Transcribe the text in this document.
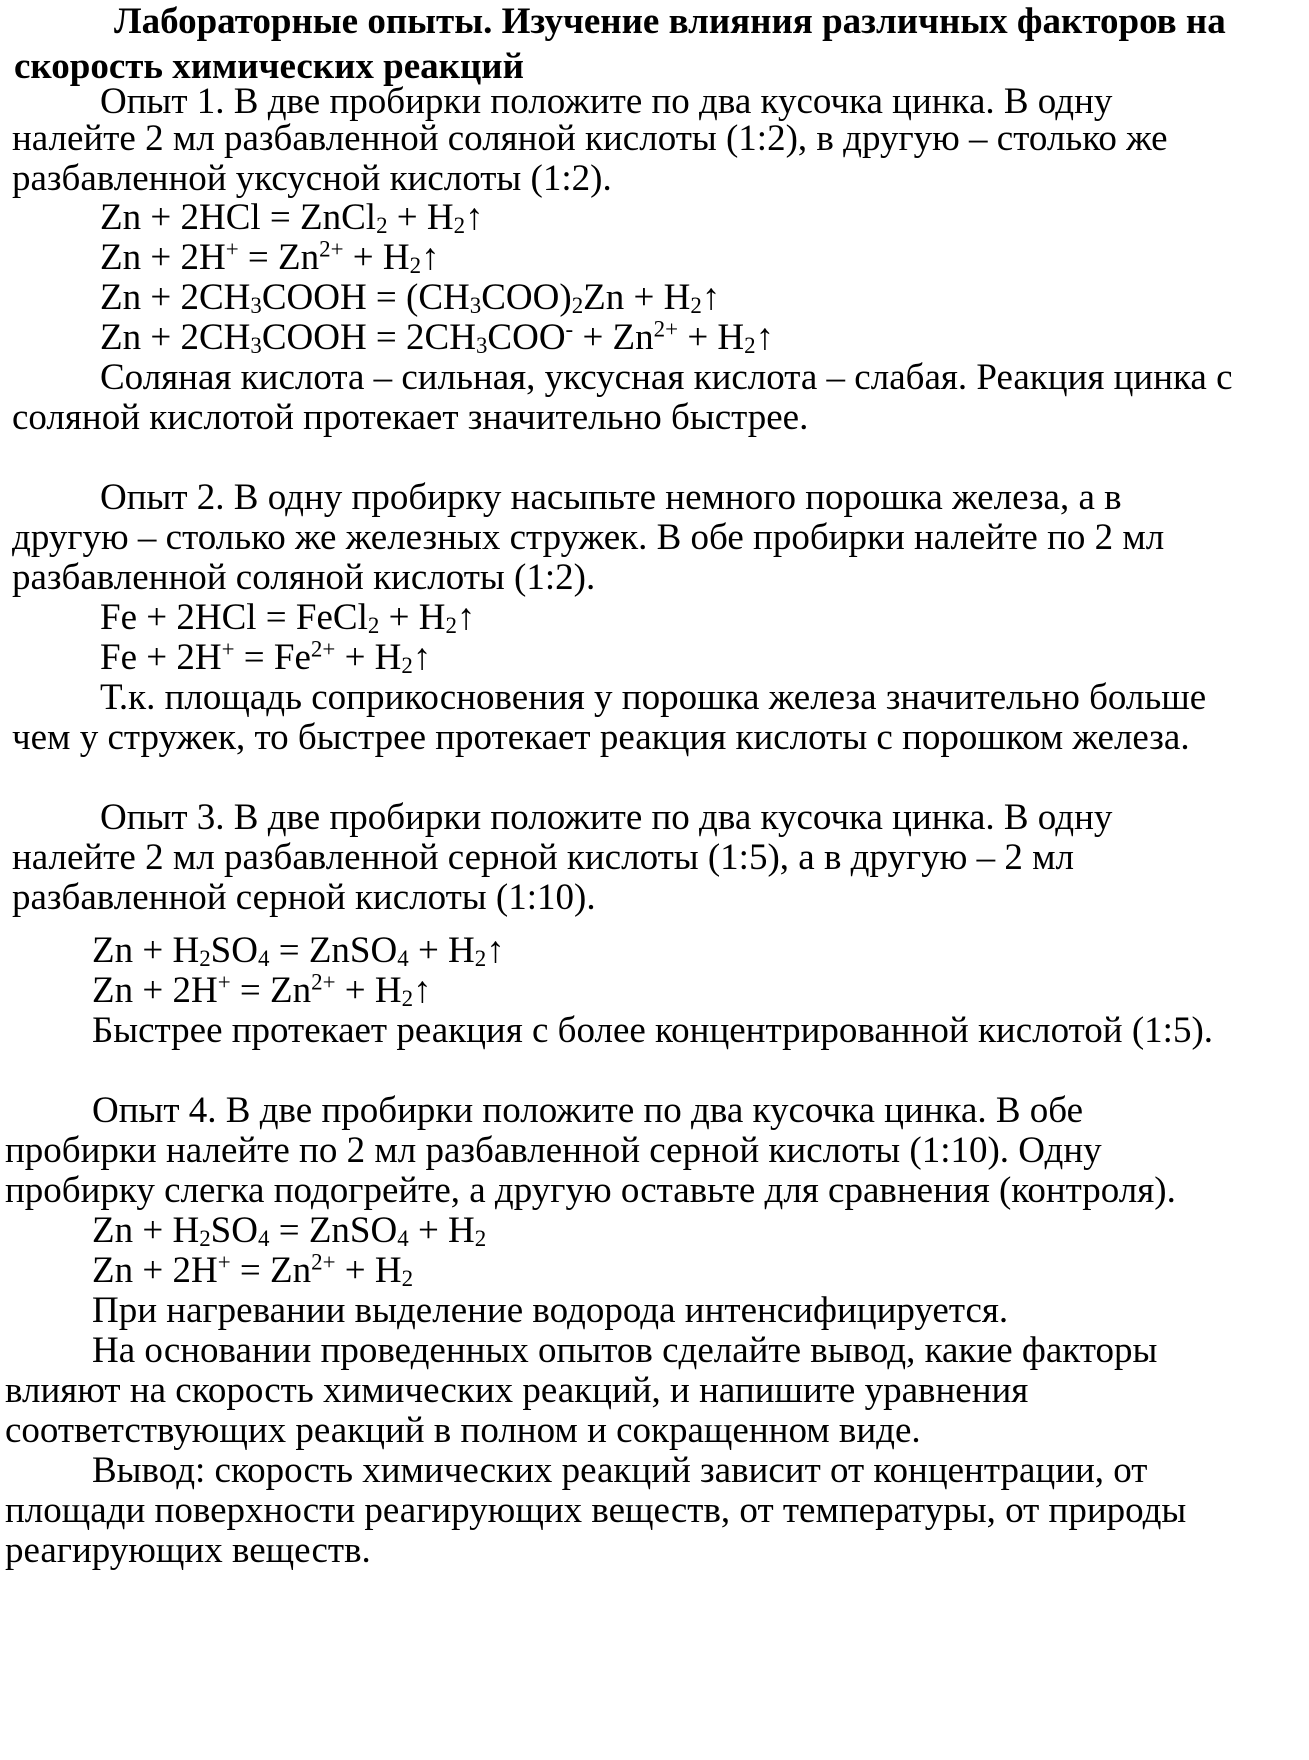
Лабораторные опыты. Изучение влияния различных факторов на
скорость химических реакций
Опыт 1. В две пробирки положите по два кусочка цинка. В одну
налейте 2 мл разбавленной соляной кислоты (1:2), в другую – столько же
разбавленной уксусной кислоты (1:2).
Zn + 2HCl = ZnCl$_2$ + $H_2↑$
$Zn + 2H^+ = Zn^{2+}$ + $H_2↑$
$Zn + 2CH_3COOH = (CH_3COO)_2Zn$ + $H_2↑$
$Zn + 2CH_3COOH = 2CH_3COO^- + Zn^{2+}$ + $H_2↑$
Соляная кислота – сильная, уксусная кислота – слабая. Реакция цинка с
соляной кислотой протекает значительно быстрее.
Опыт 2. В одну пробирку насыпьте немного порошка железа, а в
другую – столько же железных стружек. В обе пробирки налейте по 2 мл
разбавленной соляной кислоты (1:2).
Fe + 2HCl = FeCl$_2$ + $H_2↑$
$Fe + 2H^+ = Fe^{2+}$ + $H_2↑$
Т.к. площадь соприкосновения у порошка железа значительно больше
чем у стружек, то быстрее протекает реакция кислоты с порошком железа.
Опыт 3. В две пробирки положите по два кусочка цинка. В одну
налейте 2 мл разбавленной серной кислоты (1:5), а в другую – 2 мл
разбавленной серной кислоты (1:10).
$Zn + H_2SO_4$ = ZnSO$_4$ + $H_2↑$
$Zn + 2H^+ = Zn^{2+}$ + $H_2↑$
Быстрее протекает реакция с более концентрированной кислотой (1:5).
Опыт 4. В две пробирки положите по два кусочка цинка. В обе
пробирки налейте по 2 мл разбавленной серной кислоты (1:10). Одну
пробирку слегка подогрейте, а другую оставьте для сравнения (контроля).
$Zn + H_2SO_4$ = ZnSO$_4$ + $H_2$
$Zn + 2H^+ = Zn^{2+} + H_2$
При нагревании выделение водорода интенсифицируется.
На основании проведенных опытов сделайте вывод, какие факторы
влияют на скорость химических реакций, и напишите уравнения
соответствующих реакций в полном и сокращенном виде.
Вывод: скорость химических реакций зависит от концентрации, от
площади поверхности реагирующих веществ, от температуры, от природы
реагирующих веществ.
